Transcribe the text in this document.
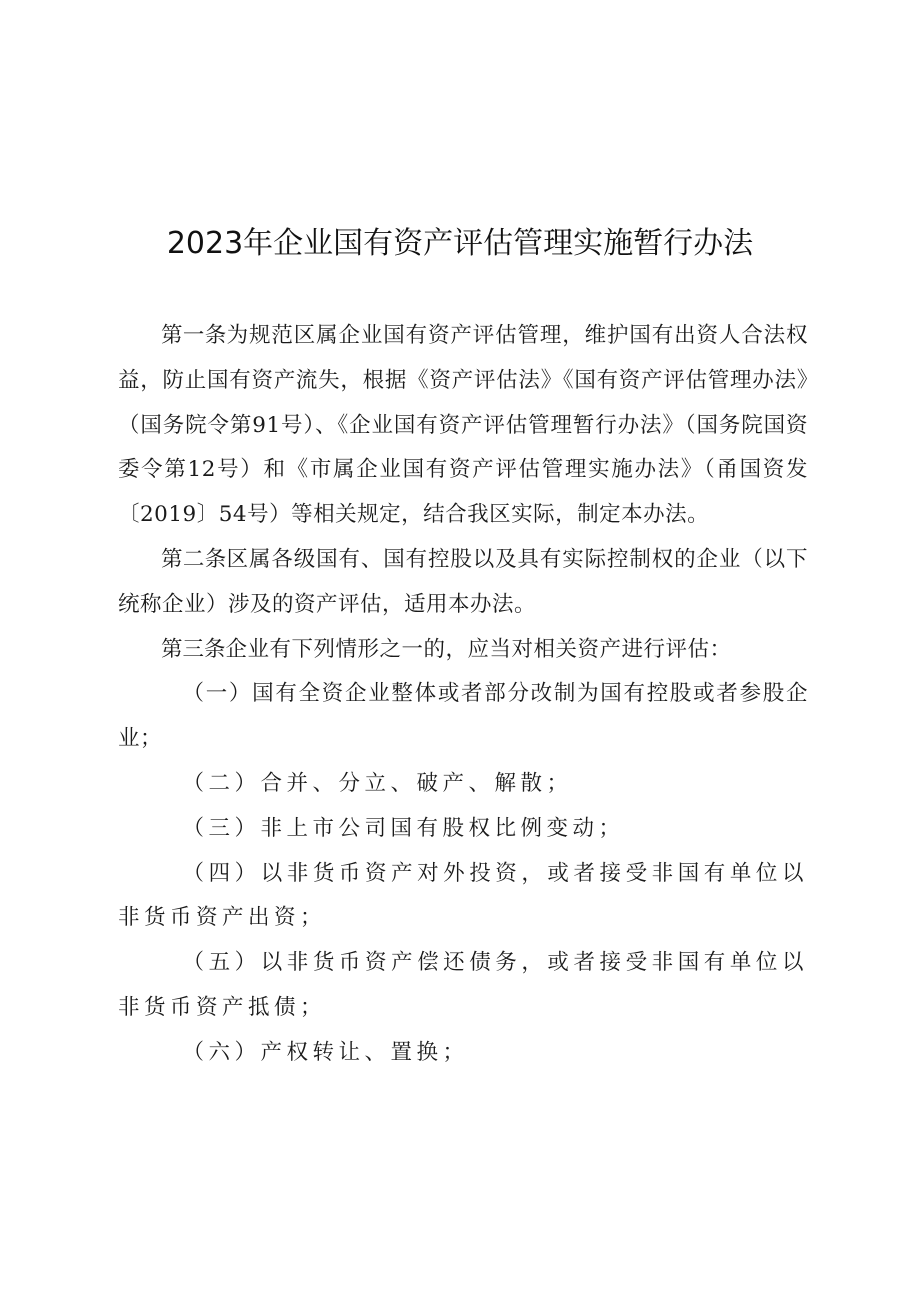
2023年企业国有资产评估管理实施暂行办法

第一条为规范区属企业国有资产评估管理，维护国有出资人合法权益，防止国有资产流失，根据《资产评估法》《国有资产评估管理办法》（国务院令第91号）、《企业国有资产评估管理暂行办法》（国务院国资委令第12号）和《市属企业国有资产评估管理实施办法》（甬国资发〔2019〕54号）等相关规定，结合我区实际，制定本办法。

第二条区属各级国有、国有控股以及具有实际控制权的企业（以下统称企业）涉及的资产评估，适用本办法。

第三条企业有下列情形之一的，应当对相关资产进行评估：

（一）国有全资企业整体或者部分改制为国有控股或者参股企业；

（二）合并、分立、破产、解散；

（三）非上市公司国有股权比例变动；

（四）以非货币资产对外投资，或者接受非国有单位以非货币资产出资；

（五）以非货币资产偿还债务，或者接受非国有单位以非货币资产抵债；

（六）产权转让、置换；
